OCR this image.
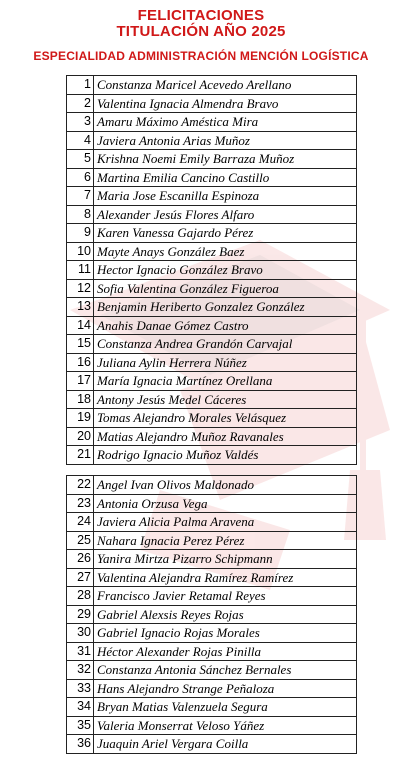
FELICITACIONES
TITULACIÓN AÑO 2025
ESPECIALIDAD ADMINISTRACIÓN MENCIÓN LOGÍSTICA
1	Constanza Maricel Acevedo Arellano
2	Valentina Ignacia Almendra Bravo
3	Amaru Máximo Améstica Mira
4	Javiera Antonia Arias Muñoz
5	Krishna Noemi Emily Barraza Muñoz
6	Martina Emilia Cancino Castillo
7	Maria Jose Escanilla Espinoza
8	Alexander Jesús Flores Alfaro
9	Karen Vanessa Gajardo Pérez
10	Mayte Anays González Baez
11	Hector Ignacio González Bravo
12	Sofia Valentina González Figueroa
13	Benjamin Heriberto Gonzalez González
14	Anahis Danae Gómez Castro
15	Constanza Andrea Grandón Carvajal
16	Juliana Aylin Herrera Núñez
17	María Ignacia Martínez Orellana
18	Antony Jesús Medel Cáceres
19	Tomas Alejandro Morales Velásquez
20	Matias Alejandro Muñoz Ravanales
21	Rodrigo Ignacio Muñoz Valdés
22	Angel Ivan Olivos Maldonado
23	Antonia Orzusa Vega
24	Javiera Alicia Palma Aravena
25	Nahara Ignacia Perez Pérez
26	Yanira Mirtza Pizarro Schipmann
27	Valentina Alejandra Ramírez Ramírez
28	Francisco Javier Retamal Reyes
29	Gabriel Alexsis Reyes Rojas
30	Gabriel Ignacio Rojas Morales
31	Héctor Alexander Rojas Pinilla
32	Constanza Antonia Sánchez Bernales
33	Hans Alejandro Strange Peñaloza
34	Bryan Matias Valenzuela Segura
35	Valeria Monserrat Veloso Yáñez
36	Juaquin Ariel Vergara Coilla
